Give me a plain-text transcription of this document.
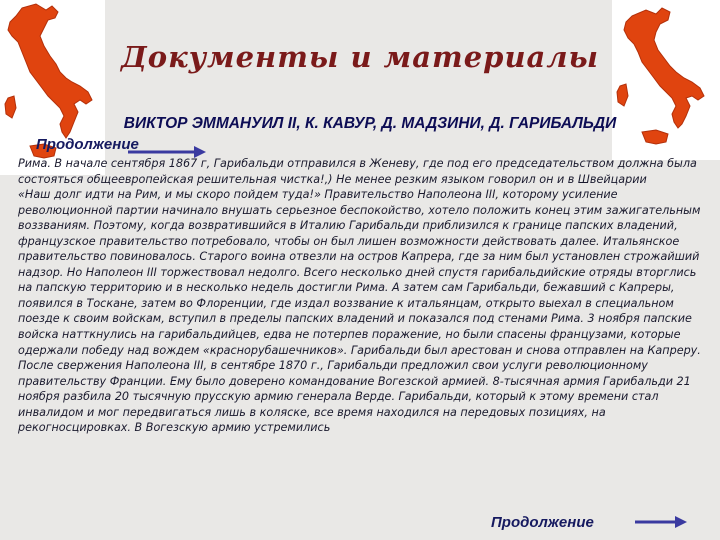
Документы и материалы
ВИКТОР ЭММАНУИЛ II, К. КАВУР, Д. МАДЗИНИ, Д. ГАРИБАЛЬДИ
Продолжение

Рима. В начале сентября 1867 г, Гарибальди отправился в Женеву, где под его председательством должна была состояться общеевропейская решительная чистка!,) Не менее резким языком говорил он и в Швейцарии

«Наш долг идти на Рим, и мы скоро пойдем туда!» Правительство Наполеона III, которому усиление революционной партии начинало внушать серьезное беспокойство, хотело положить конец этим зажигательным воззваниям. Поэтому, когда возвратившийся в Италию Гарибальди приблизился к границе папских владений, французское правительство потребовало, чтобы он был лишен возможности действовать далее. Итальянское правительство повиновалось. Старого воина отвезли на остров Капрера, где за ним был установлен строжайший надзор. Но Наполеон III торжествовал недолго. Всего несколько дней спустя гарибальдийские отряды вторглись на папскую территорию и в несколько недель достигли Рима. А затем сам Гарибальди, бежавший с Капреры, появился в Тоскане, затем во Флоренции, где издал воззвание к итальянцам, открыто выехал в специальном поезде к своим войскам, вступил в пределы папских владений и показался под стенами Рима. 3 ноября папские войска натткнулись на гарибальдийцев, едва не потерпев поражение, но были спасены французами, которые одержали победу над вождем «краснорубашечников». Гарибальди был арестован и снова отправлен на Капреру.

После свержения Наполеона III, в сентябре 1870 г., Гарибальди предложил свои услуги революционному правительству Франции. Ему было доверено командование Вогезской армией. 8-тысячная армия Гарибальди 21 ноября разбила 20 тысячную прусскую армию генерала Верде. Гарибальди, который к этому времени стал инвалидом и мог передвигаться лишь в коляске, все время находился на передовых позициях, на рекогносцировках. В Вогезскую армию устремились

Продолжение
